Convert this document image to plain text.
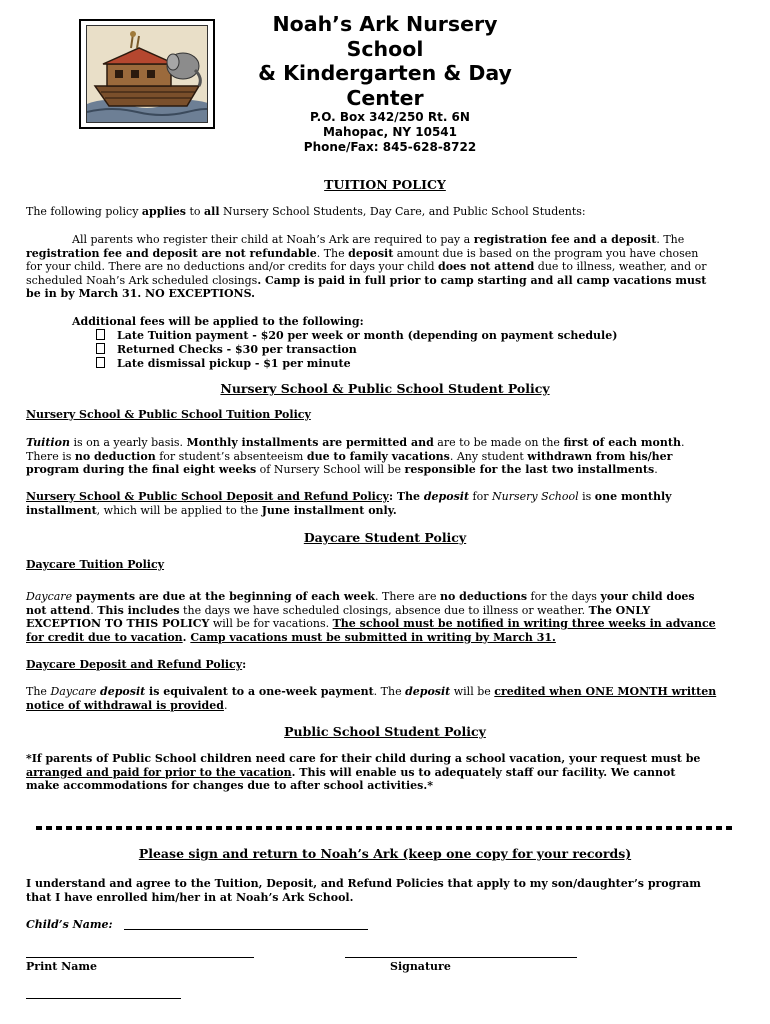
Noah’s Ark Nursery
School
& Kindergarten & Day
Center
P.O. Box 342/250 Rt. 6N
Mahopac, NY 10541
Phone/Fax: 845-628-8722
TUITION POLICY
The following policy applies to all Nursery School Students, Day Care, and Public School Students:
All parents who register their child at Noah’s Ark are required to pay a registration fee and a deposit. The
registration fee and deposit are not refundable. The deposit amount due is based on the program you have chosen
for your child. There are no deductions and/or credits for days your child does not attend due to illness, weather, and or
scheduled Noah’s Ark scheduled closings. Camp is paid in full prior to camp starting and all camp vacations must
be in by March 31. NO EXCEPTIONS.
Additional fees will be applied to the following:
Late Tuition payment - $20 per week or month (depending on payment schedule)
Returned Checks - $30 per transaction
Late dismissal pickup - $1 per minute
Nursery School & Public School Student Policy
Nursery School & Public School Tuition Policy
Tuition is on a yearly basis. Monthly installments are permitted and are to be made on the first of each month.
There is no deduction for student’s absenteeism due to family vacations. Any student withdrawn from his/her
program during the final eight weeks of Nursery School will be responsible for the last two installments.
Nursery School & Public School Deposit and Refund Policy: The deposit for Nursery School is one monthly
installment, which will be applied to the June installment only.
Daycare Student Policy
Daycare Tuition Policy
Daycare payments are due at the beginning of each week. There are no deductions for the days your child does
not attend. This includes the days we have scheduled closings, absence due to illness or weather. The ONLY
EXCEPTION TO THIS POLICY will be for vacations. The school must be notified in writing three weeks in advance
for credit due to vacation. Camp vacations must be submitted in writing by March 31.
Daycare Deposit and Refund Policy:
The Daycare deposit is equivalent to a one-week payment. The deposit will be credited when ONE MONTH written
notice of withdrawal is provided.
Public School Student Policy
*If parents of Public School children need care for their child during a school vacation, your request must be
arranged and paid for prior to the vacation. This will enable us to adequately staff our facility. We cannot
make accommodations for changes due to after school activities.*
Please sign and return to Noah’s Ark (keep one copy for your records)
I understand and agree to the Tuition, Deposit, and Refund Policies that apply to my son/daughter’s program
that I have enrolled him/her in at Noah’s Ark School.
Child’s Name:
Print Name	Signature
